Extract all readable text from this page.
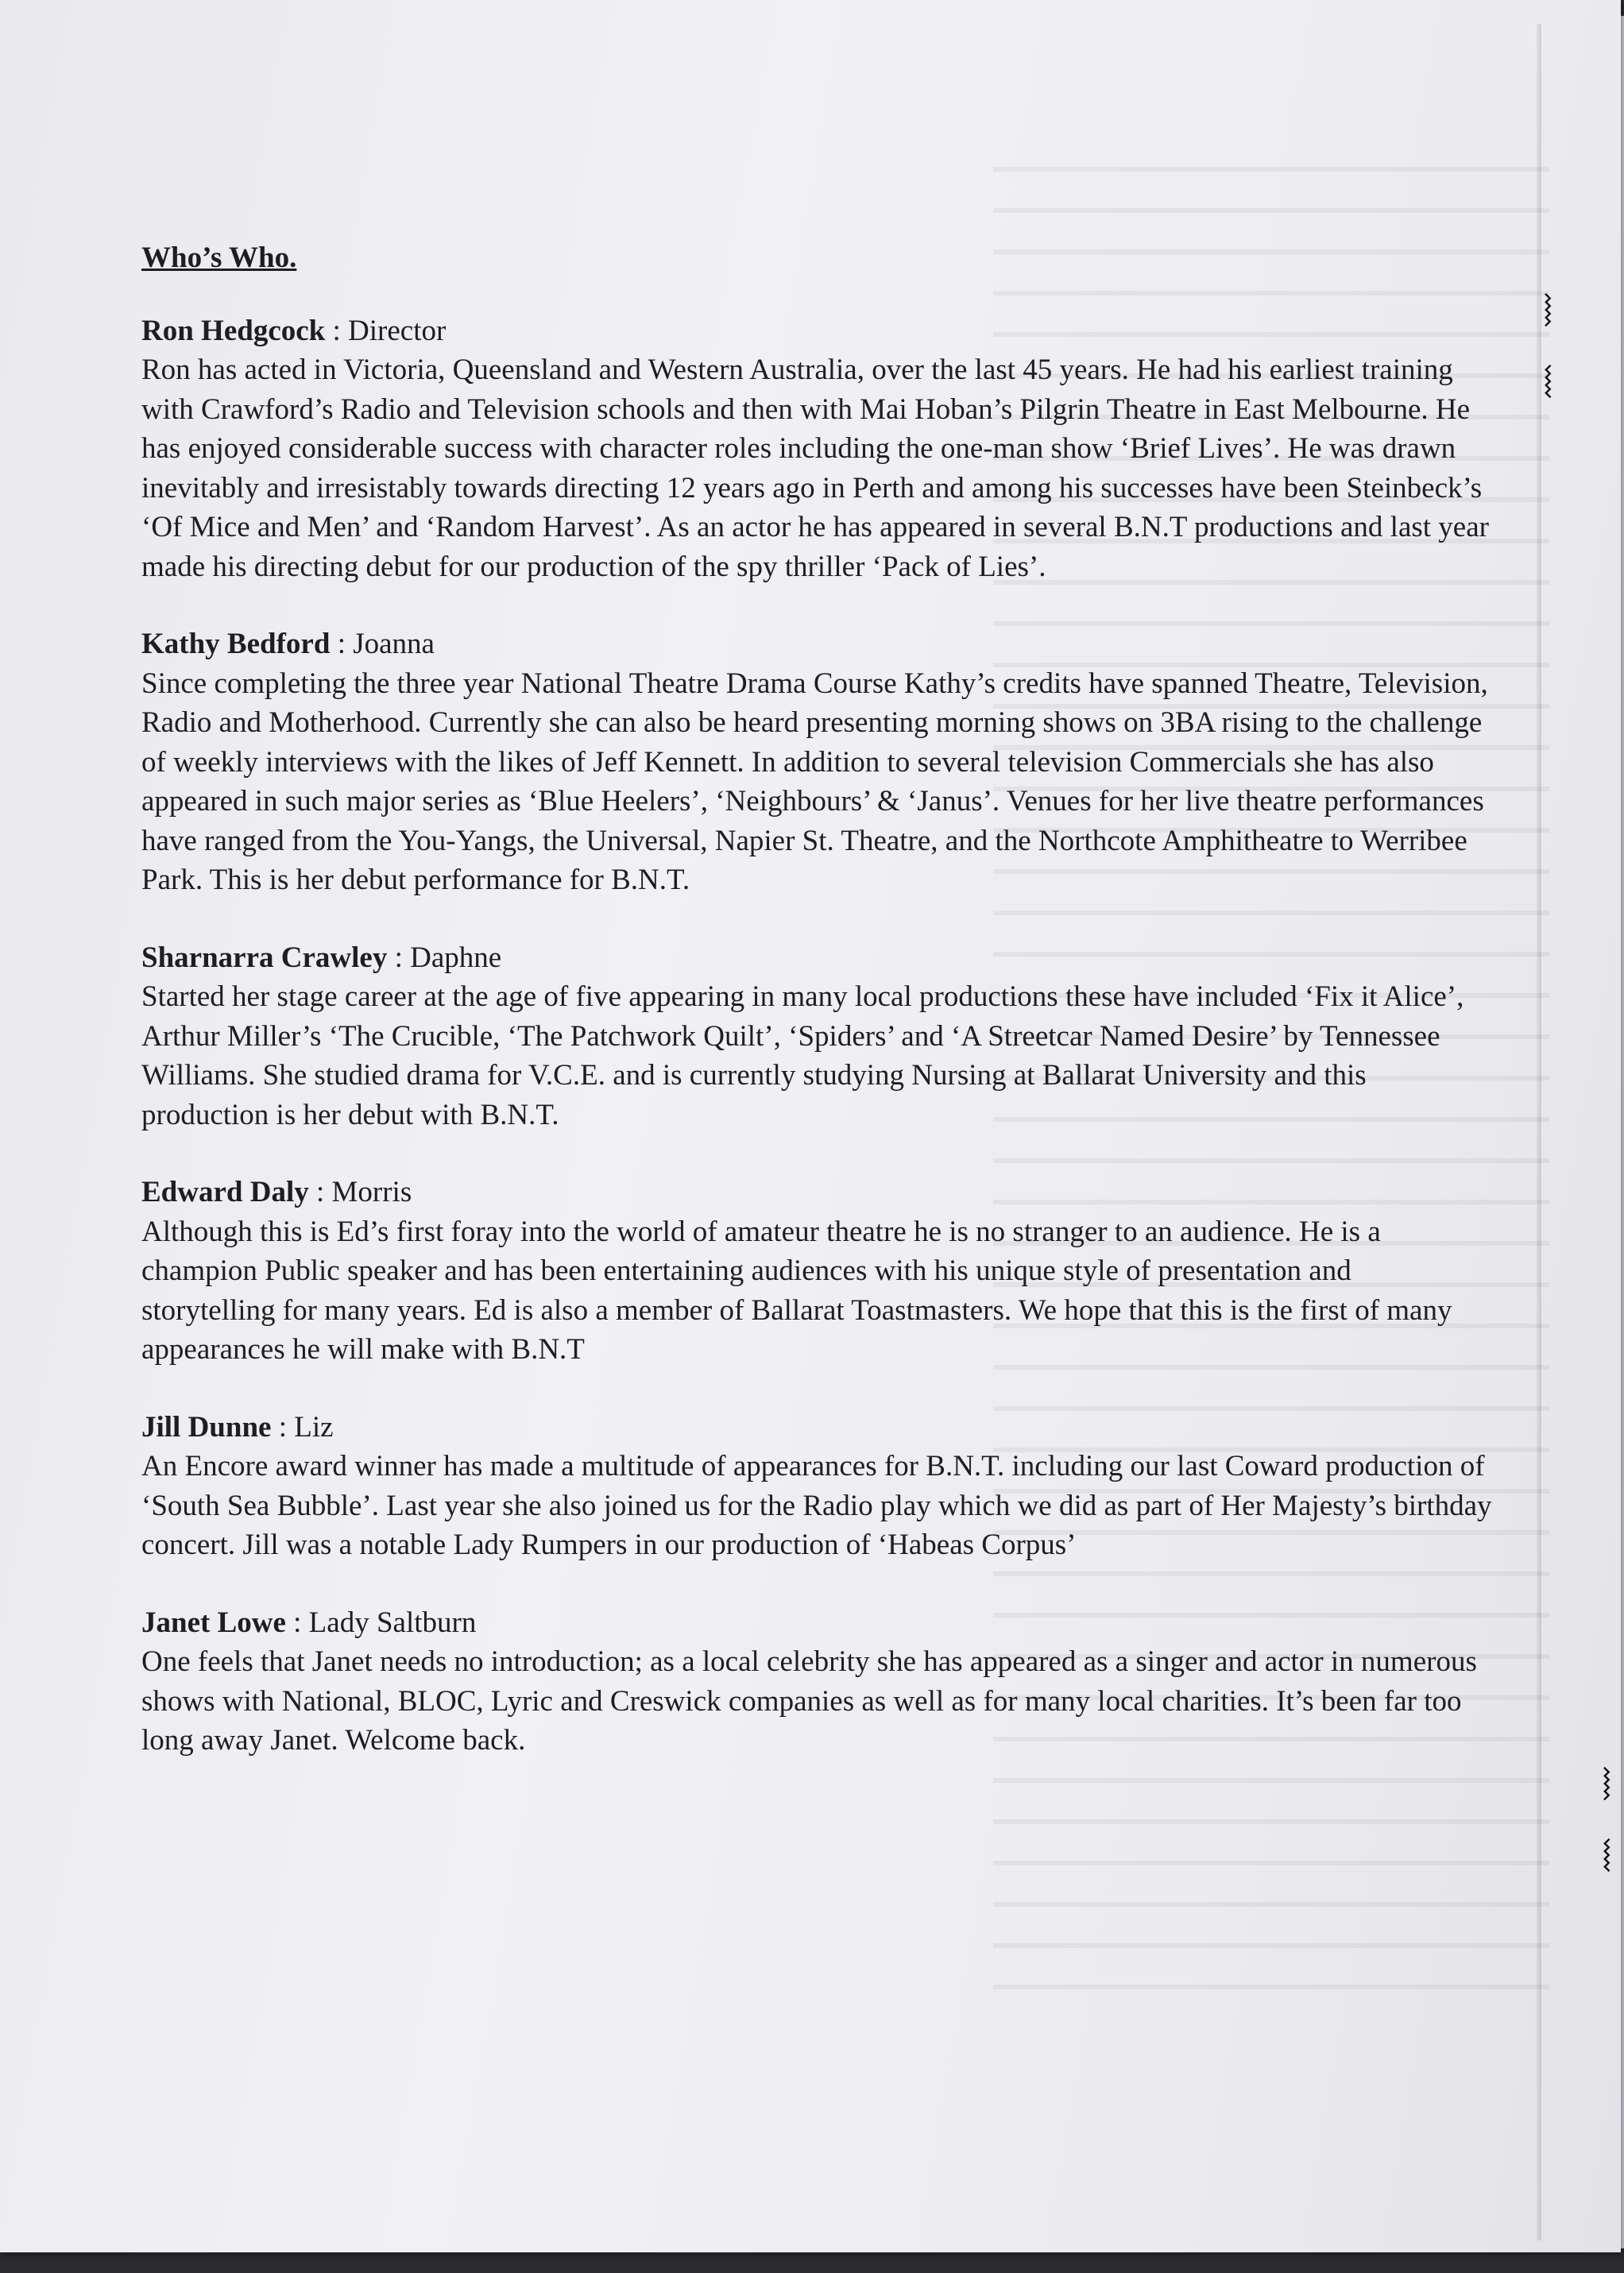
⧘
⧙
⧘
⧙

Who’s Who.

Ron Hedgcock : Director

Ron has acted in Victoria, Queensland and Western Australia, over the last 45 years. He had his earliest training with Crawford’s Radio and Television schools and then with Mai Hoban’s Pilgrin Theatre in East Melbourne. He has enjoyed considerable success with character roles including the one-man show ‘Brief Lives’. He was drawn inevitably and irresistably towards directing 12 years ago in Perth and among his successes have been Steinbeck’s ‘Of Mice and Men’ and ‘Random Harvest’. As an actor he has appeared in several B.N.T productions and last year made his directing debut for our production of the spy thriller ‘Pack of Lies’.

Kathy Bedford : Joanna

Since completing the three year National Theatre Drama Course Kathy’s credits have spanned Theatre, Television, Radio and Motherhood. Currently she can also be heard presenting morning shows on 3BA rising to the challenge of weekly interviews with the likes of Jeff Kennett. In addition to several television Commercials she has also appeared in such major series as ‘Blue Heelers’, ‘Neighbours’ & ‘Janus’. Venues for her live theatre performances have ranged from the You-Yangs, the Universal, Napier St. Theatre, and the Northcote Amphitheatre to Werribee Park. This is her debut performance for B.N.T.

Sharnarra Crawley : Daphne

Started her stage career at the age of five appearing in many local productions these have included ‘Fix it Alice’, Arthur Miller’s ‘The Crucible, ‘The Patchwork Quilt’, ‘Spiders’ and ‘A Streetcar Named Desire’ by Tennessee Williams. She studied drama for V.C.E. and is currently studying Nursing at Ballarat University and this production is her debut with B.N.T.

Edward Daly : Morris

Although this is Ed’s first foray into the world of amateur theatre he is no stranger to an audience. He is a champion Public speaker and has been entertaining audiences with his unique style of presentation and storytelling for many years. Ed is also a member of Ballarat Toastmasters. We hope that this is the first of many appearances he will make with B.N.T

Jill Dunne : Liz

An Encore award winner has made a multitude of appearances for B.N.T. including our last Coward production of ‘South Sea Bubble’. Last year she also joined us for the Radio play which we did as part of Her Majesty’s birthday concert. Jill was a notable Lady Rumpers in our production of ‘Habeas Corpus’

Janet Lowe : Lady Saltburn

One feels that Janet needs no introduction; as a local celebrity she has appeared as a singer and actor in numerous shows with National, BLOC, Lyric and Creswick companies as well as for many local charities. It’s been far too long away Janet. Welcome back.
